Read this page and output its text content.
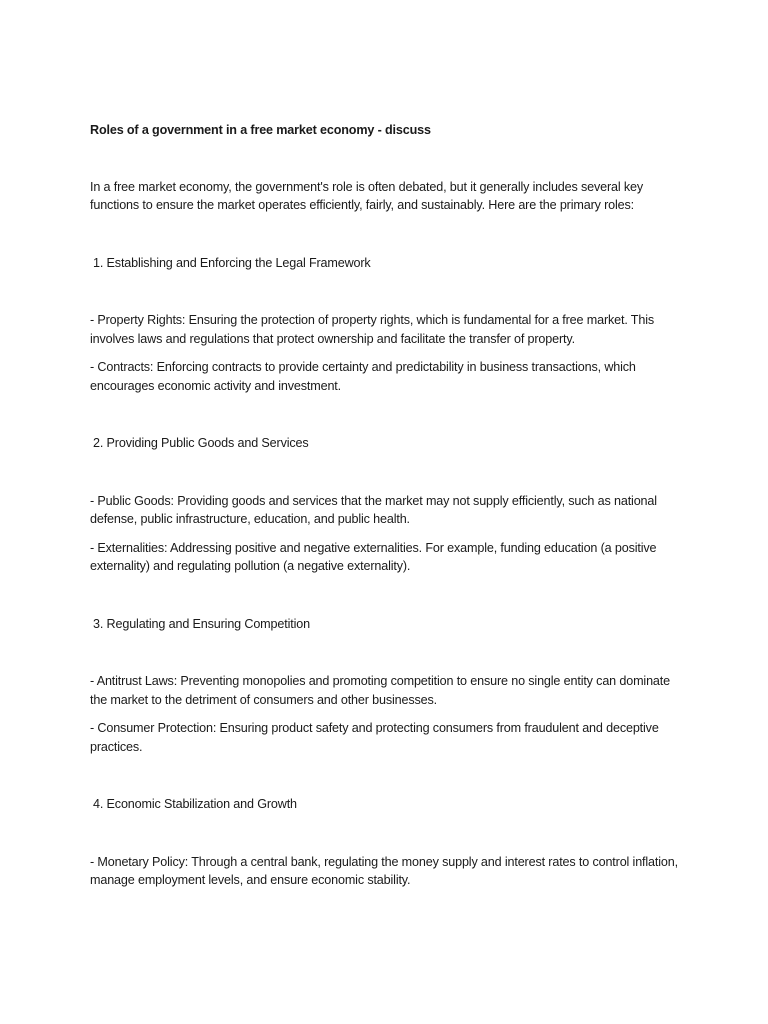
Roles of a government in a free market economy - discuss

In a free market economy, the government's role is often debated, but it generally includes several key functions to ensure the market operates efficiently, fairly, and sustainably. Here are the primary roles:

1. Establishing and Enforcing the Legal Framework

- Property Rights: Ensuring the protection of property rights, which is fundamental for a free market. This involves laws and regulations that protect ownership and facilitate the transfer of property.

- Contracts: Enforcing contracts to provide certainty and predictability in business transactions, which encourages economic activity and investment.

2. Providing Public Goods and Services

- Public Goods: Providing goods and services that the market may not supply efficiently, such as national defense, public infrastructure, education, and public health.

- Externalities: Addressing positive and negative externalities. For example, funding education (a positive externality) and regulating pollution (a negative externality).

3. Regulating and Ensuring Competition

- Antitrust Laws: Preventing monopolies and promoting competition to ensure no single entity can dominate the market to the detriment of consumers and other businesses.

- Consumer Protection: Ensuring product safety and protecting consumers from fraudulent and deceptive practices.

4. Economic Stabilization and Growth

- Monetary Policy: Through a central bank, regulating the money supply and interest rates to control inflation, manage employment levels, and ensure economic stability.
